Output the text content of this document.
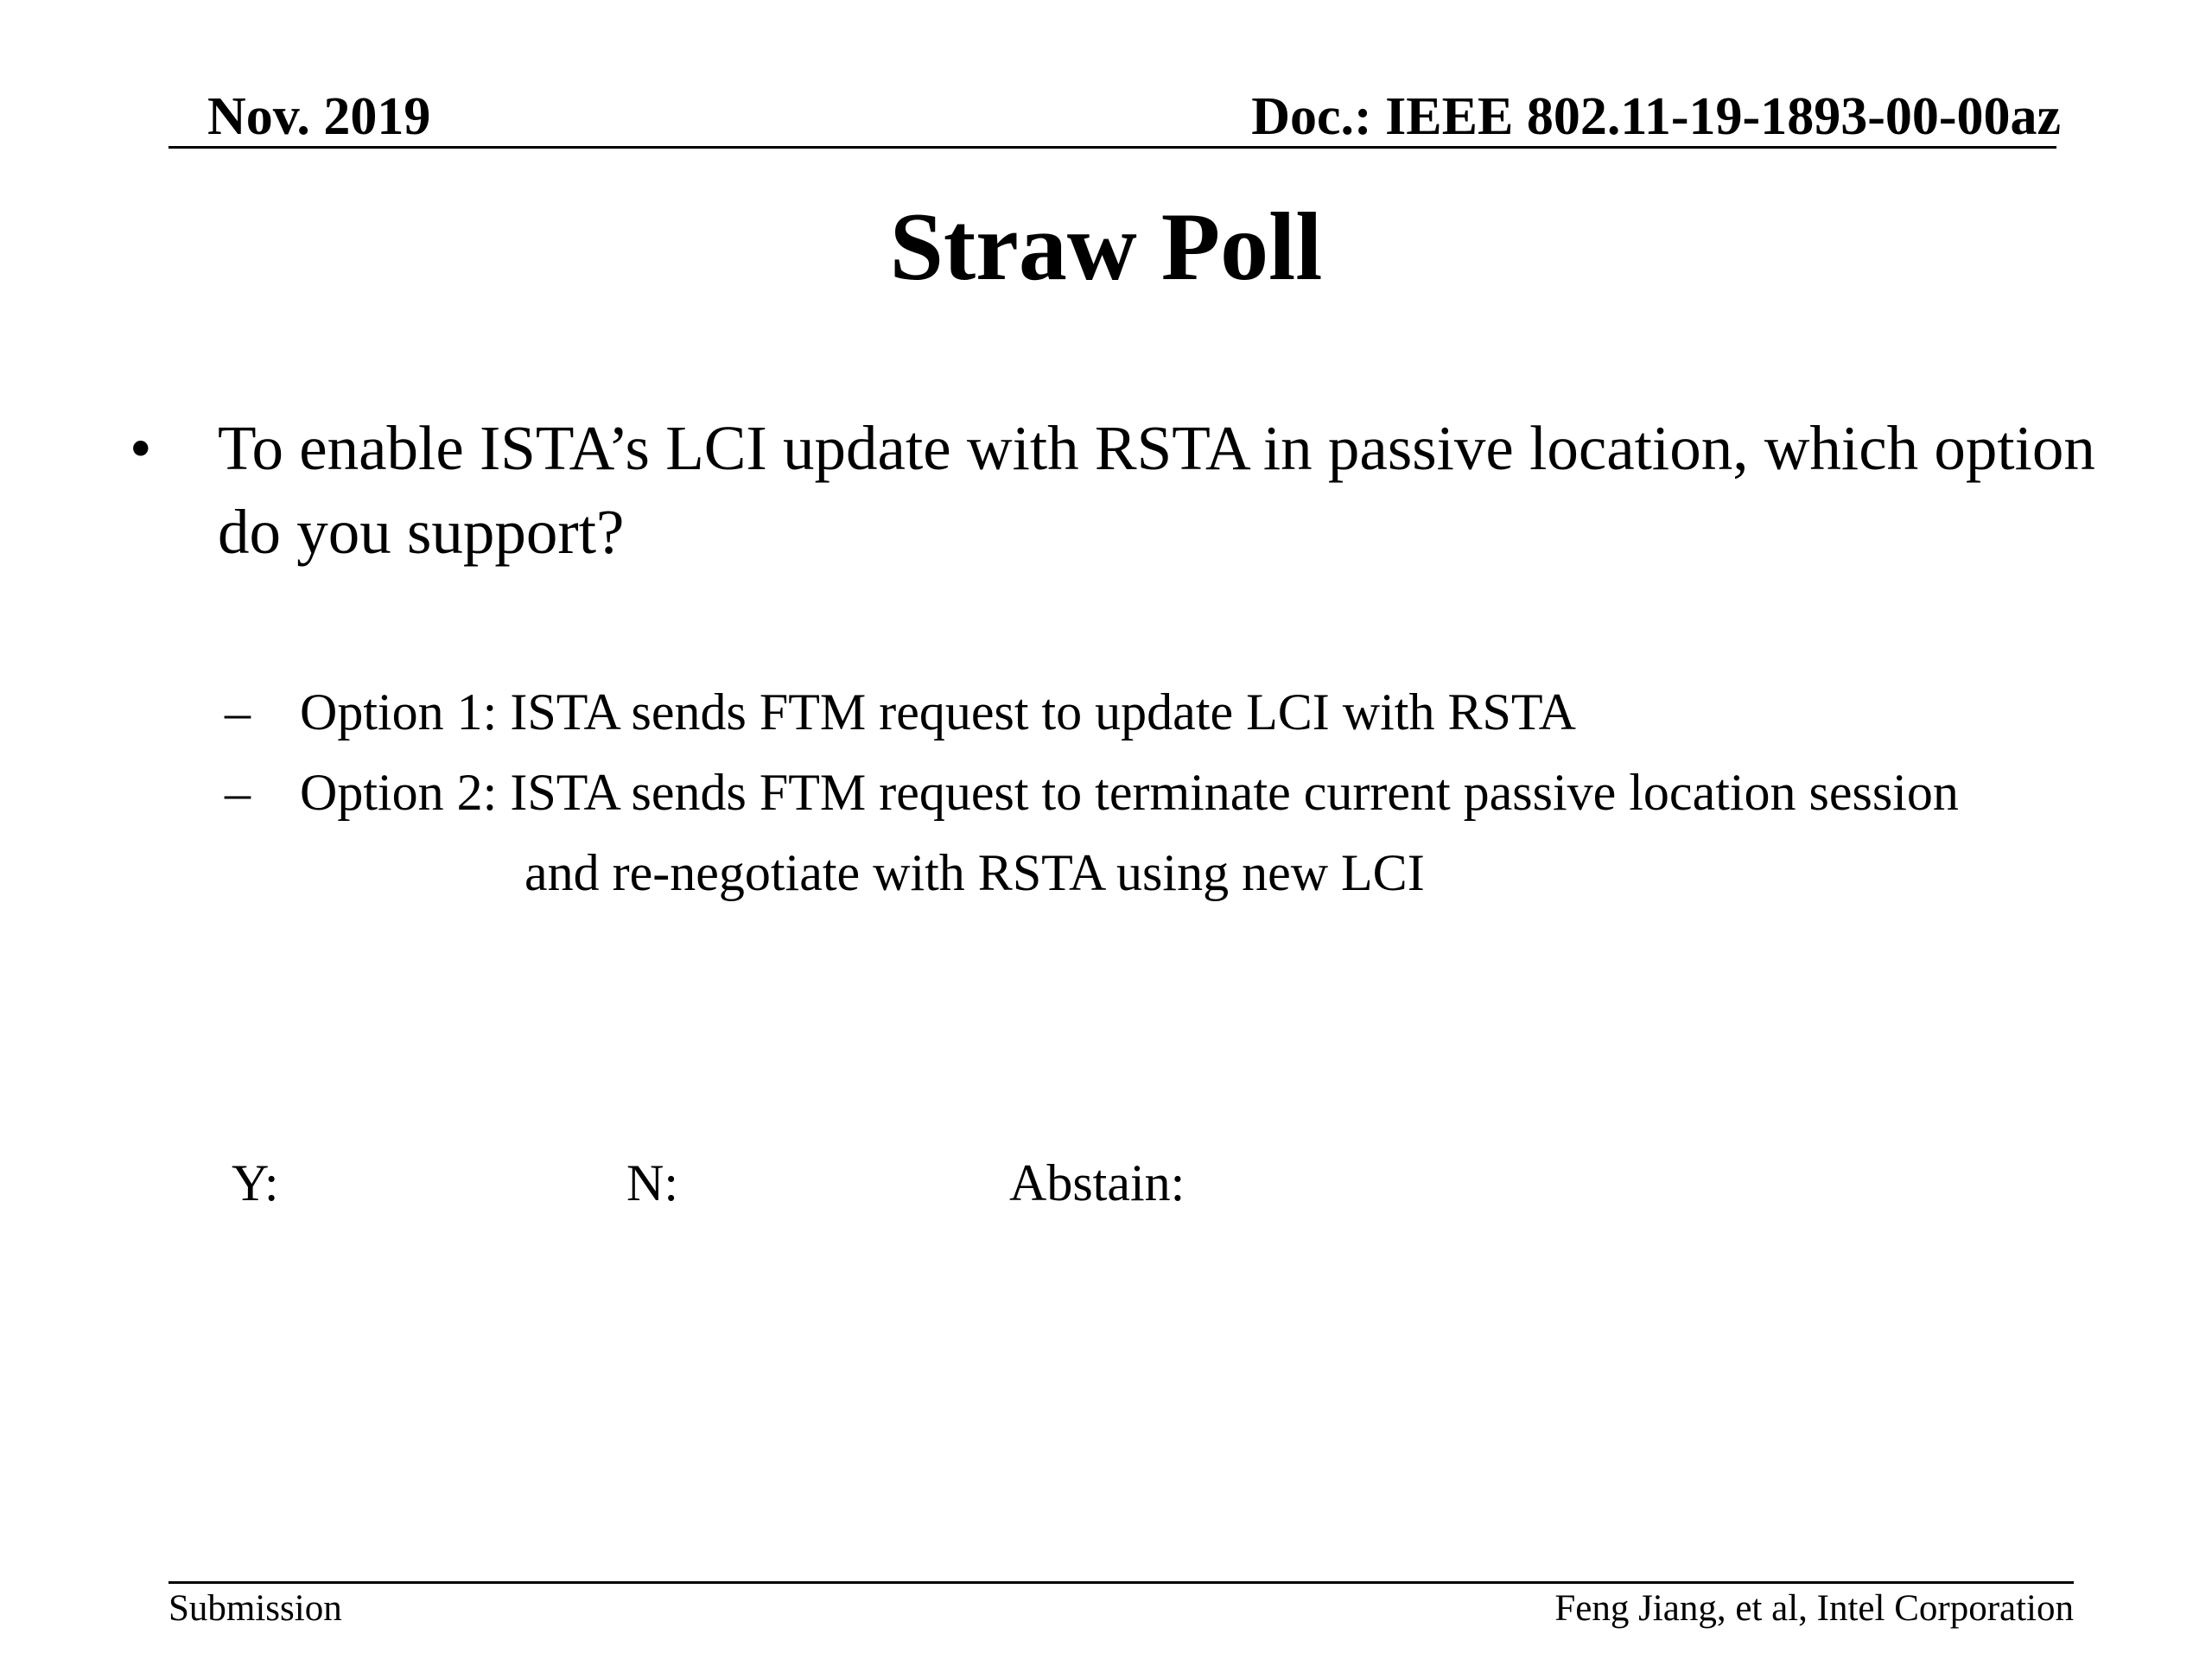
Nov. 2019	Doc.: IEEE 802.11-19-1893-00-00az
Straw Poll
•	To enable ISTA’s LCI update with RSTA in passive location, which option do you support?
– Option 1: ISTA sends FTM request to update LCI with RSTA
– Option 2: ISTA sends FTM request to terminate current passive location session
and re-negotiate with RSTA using new LCI
Y:	N:	Abstain:
Submission	Feng Jiang, et al, Intel Corporation
